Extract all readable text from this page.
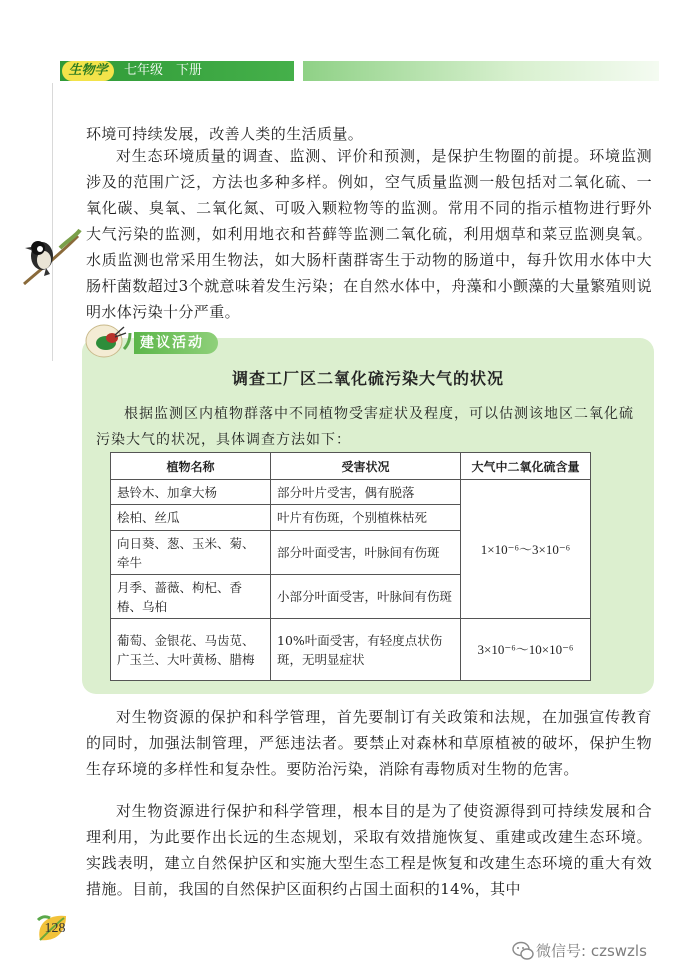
生物学	七年级　下册

环境可持续发展，改善人类的生活质量。

对生态环境质量的调查、监测、评价和预测，是保护生物圈的前提。环境监测涉及的范围广泛，方法也多种多样。例如，空气质量监测一般包括对二氧化硫、一氧化碳、臭氧、二氧化氮、可吸入颗粒物等的监测。常用不同的指示植物进行野外大气污染的监测，如利用地衣和苔藓等监测二氧化硫，利用烟草和菜豆监测臭氧。水质监测也常采用生物法，如大肠杆菌群寄生于动物的肠道中，每升饮用水体中大肠杆菌数超过3个就意味着发生污染；在自然水体中，舟藻和小颤藻的大量繁殖则说明水体污染十分严重。

建议活动
调查工厂区二氧化硫污染大气的状况

根据监测区内植物群落中不同植物受害症状及程度，可以估测该地区二氧化硫污染大气的状况，具体调查方法如下：

植物名称	受害状况	大气中二氧化硫含量
悬铃木、加拿大杨	部分叶片受害，偶有脱落	1×10⁻⁶～3×10⁻⁶
桧柏、丝瓜	叶片有伤斑，个别植株枯死	
向日葵、葱、玉米、菊、牵牛	部分叶面受害，叶脉间有伤斑	
月季、蔷薇、枸杞、香椿、乌桕	小部分叶面受害，叶脉间有伤斑	
葡萄、金银花、马齿苋、广玉兰、大叶黄杨、腊梅	10%叶面受害，有轻度点状伤斑，无明显症状	3×10⁻⁶～10×10⁻⁶

对生物资源的保护和科学管理，首先要制订有关政策和法规，在加强宣传教育的同时，加强法制管理，严惩违法者。要禁止对森林和草原植被的破坏，保护生物生存环境的多样性和复杂性。要防治污染，消除有毒物质对生物的危害。

对生物资源进行保护和科学管理，根本目的是为了使资源得到可持续发展和合理利用，为此要作出长远的生态规划，采取有效措施恢复、重建或改建生态环境。实践表明，建立自然保护区和实施大型生态工程是恢复和改建生态环境的重大有效措施。目前，我国的自然保护区面积约占国土面积的14%，其中

128
微信号: czswzls
